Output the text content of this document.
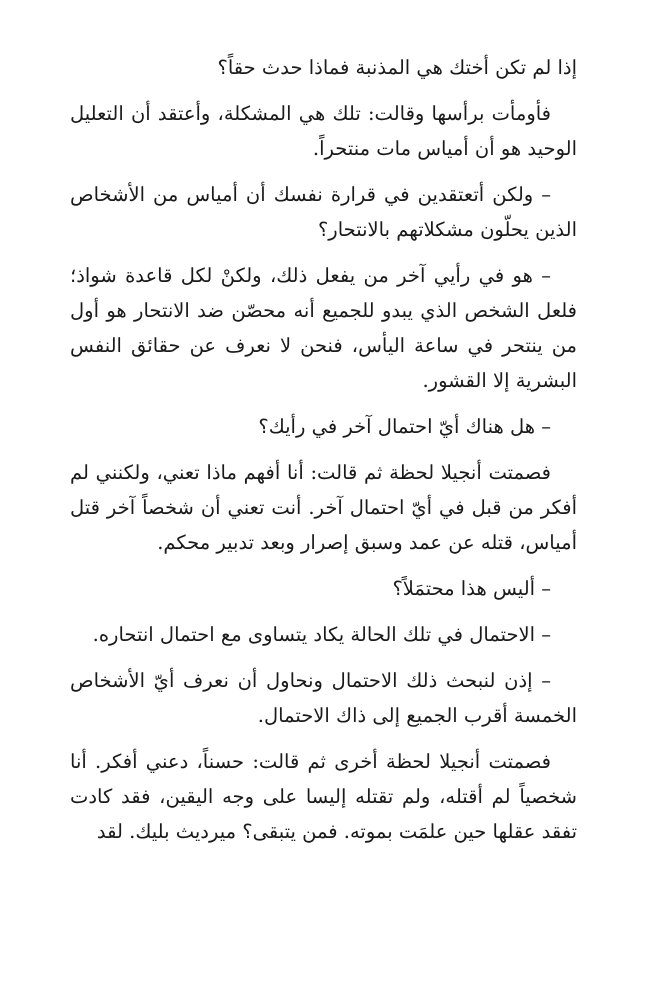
إذا لم تكن أختك هي المذنبة فماذا حدث حقاً؟

فأومأت برأسها وقالت: تلك هي المشكلة، وأعتقد أن التعليل الوحيد هو أن أمياس مات منتحراً.

– ولكن أتعتقدين في قرارة نفسك أن أمياس من الأشخاص الذين يحلّون مشكلاتهم بالانتحار؟

– هو في رأيي آخر من يفعل ذلك، ولكنْ لكل قاعدة شواذ؛ فلعل الشخص الذي يبدو للجميع أنه محصّن ضد الانتحار هو أول من ينتحر في ساعة اليأس، فنحن لا نعرف عن حقائق النفس البشرية إلا القشور.

– هل هناك أيّ احتمال آخر في رأيك؟

فصمتت أنجيلا لحظة ثم قالت: أنا أفهم ماذا تعني، ولكنني لم أفكر من قبل في أيّ احتمال آخر. أنت تعني أن شخصاً آخر قتل أمياس، قتله عن عمد وسبق إصرار وبعد تدبير محكم.

– أليس هذا محتمَلاً؟

– الاحتمال في تلك الحالة يكاد يتساوى مع احتمال انتحاره.

– إذن لنبحث ذلك الاحتمال ونحاول أن نعرف أيّ الأشخاص الخمسة أقرب الجميع إلى ذاك الاحتمال.

فصمتت أنجيلا لحظة أخرى ثم قالت: حسناً، دعني أفكر. أنا شخصياً لم أقتله، ولم تقتله إليسا على وجه اليقين، فقد كادت تفقد عقلها حين علمَت بموته. فمن يتبقى؟ ميرديث بليك. لقد
